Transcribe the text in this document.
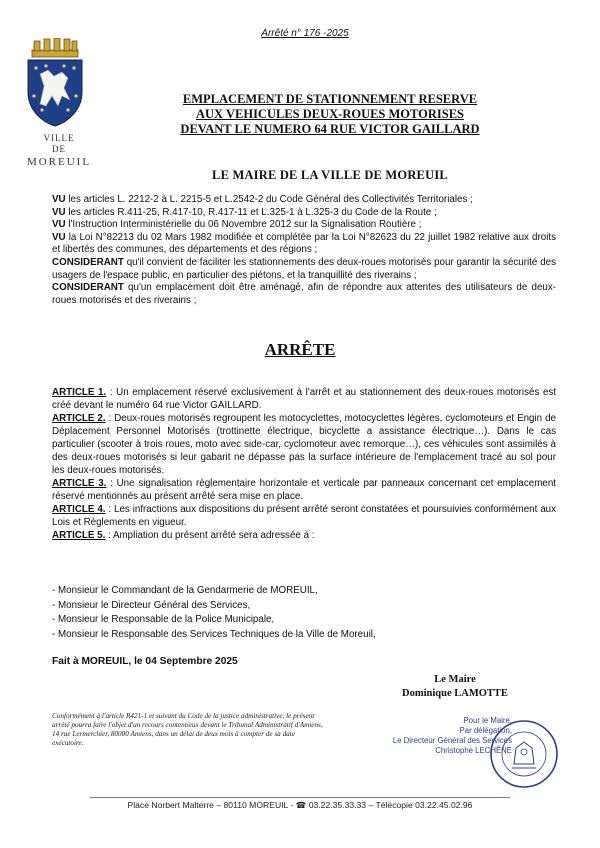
Arrêté n° 176 -2025
VILLE
DE
MOREUIL
EMPLACEMENT DE STATIONNEMENT RESERVE
AUX VEHICULES DEUX-ROUES MOTORISES
DEVANT LE NUMERO 64 RUE VICTOR GAILLARD
LE MAIRE DE LA VILLE DE MOREUIL

VU les articles L. 2212-2 à L. 2215-5 et L.2542-2 du Code Général des Collectivités Territoriales ;

VU les articles R.411-25, R.417-10, R.417-11 et L.325-1 à L.325-3 du Code de la Route ;

VU l'Instruction Interministérielle du 06 Novembre 2012 sur la Signalisation Routière ;

VU la Loi N°82213 du 02 Mars 1982 modifiée et complétée par la Loi N°82623 du 22 juillet 1982 relative aux droits et libertés des communes, des départements et des régions ;

CONSIDERANT qu'il convient de faciliter les stationnements des deux-roues motorisés pour garantir la sécurité des usagers de l'espace public, en particulier des piétons, et la tranquillité des riverains ;

CONSIDERANT qu'un emplacement doit être aménagé, afin de répondre aux attentes des utilisateurs de deux-roues motorisés et des riverains ;

ARRÊTE

ARTICLE 1. : Un emplacement réservé exclusivement à l'arrêt et au stationnement des deux-roues motorisés est créé devant le numéro 64 rue Victor GAILLARD.

ARTICLE 2. : Deux-roues motorisés regroupent les motocyclettes, motocyclettes légères, cyclomoteurs et Engin de Déplacement Personnel Motorisés (trottinette électrique, bicyclette a assistance électrique…). Dans le cas particulier (scooter à trois roues, moto avec side-car, cyclomoteur avec remorque…), ces véhicules sont assimilés à des deux-roues motorisés si leur gabarit ne dépasse pas la surface intérieure de l'emplacement tracé au sol pour les deux-roues motorisés.

ARTICLE 3. : Une signalisation règlementaire horizontale et verticale par panneaux concernant cet emplacement réservé mentionnés au présent arrêté sera mise en place.

ARTICLE 4. : Les infractions aux dispositions du présent arrêté seront constatées et poursuivies conformément aux Lois et Règlements en vigueur.

ARTICLE 5. : Ampliation du présent arrêté sera adressée à :

- Monsieur le Commandant de la Gendarmerie de MOREUIL,
- Monsieur le Directeur Général des Services,
- Monsieur le Responsable de la Police Municipale,
- Monsieur le Responsable des Services Techniques de la Ville de Moreuil,
Fait à MOREUIL, le 04 Septembre 2025
Le Maire
Dominique LAMOTTE
Conformément à l'article R421-1 et suivant du Code de la justice administrative, le présent arrêté pourra faire l'objet d'un recours contentieux devant le Tribunal Administratif d'Amiens, 14 rue Lermerchier, 80000 Amiens, dans un délai de deux mois à compter de sa date exécutoire.
Pour le Maire,
Par délégation,
Le Directeur Général des Services
Christophe LECHÊNE
Place Norbert Malterre – 80110 MOREUIL - ☎ 03.22.35.33.33 – Télécopie 03.22.45.02.96
